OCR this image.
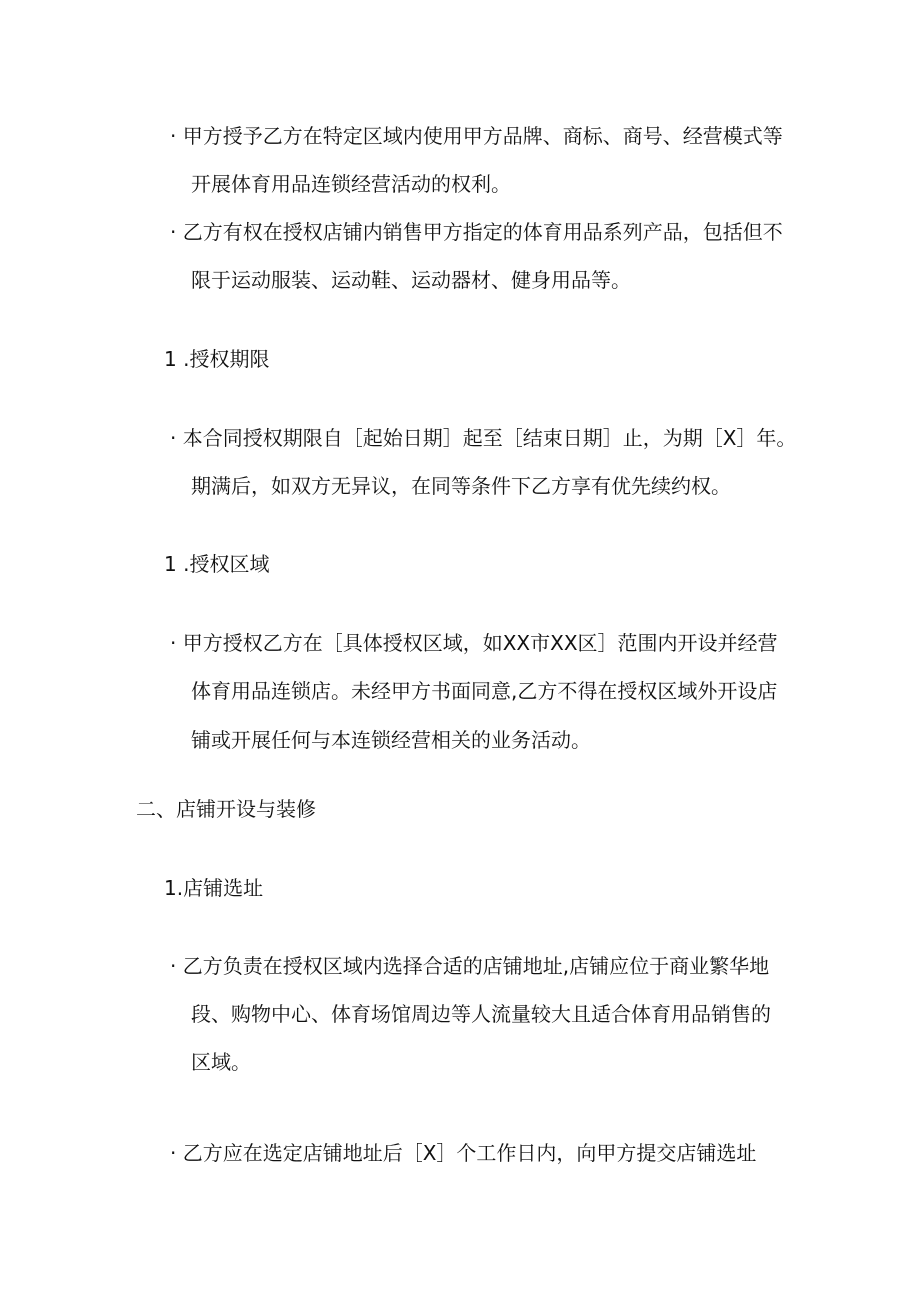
· 甲方授予乙方在特定区域内使用甲方品牌、商标、商号、经营模式等
开展体育用品连锁经营活动的权利。
· 乙方有权在授权店铺内销售甲方指定的体育用品系列产品，包括但不
限于运动服装、运动鞋、运动器材、健身用品等。
1 .授权期限
· 本合同授权期限自［起始日期］起至［结束日期］止，为期［X］年。
期满后，如双方无异议，在同等条件下乙方享有优先续约权。
1 .授权区域
· 甲方授权乙方在［具体授权区域，如XX市XX区］范围内开设并经营
体育用品连锁店。未经甲方书面同意,乙方不得在授权区域外开设店
铺或开展任何与本连锁经营相关的业务活动。
二、店铺开设与装修
1.店铺选址
· 乙方负责在授权区域内选择合适的店铺地址,店铺应位于商业繁华地
段、购物中心、体育场馆周边等人流量较大且适合体育用品销售的
区域。
· 乙方应在选定店铺地址后［X］个工作日内，向甲方提交店铺选址
